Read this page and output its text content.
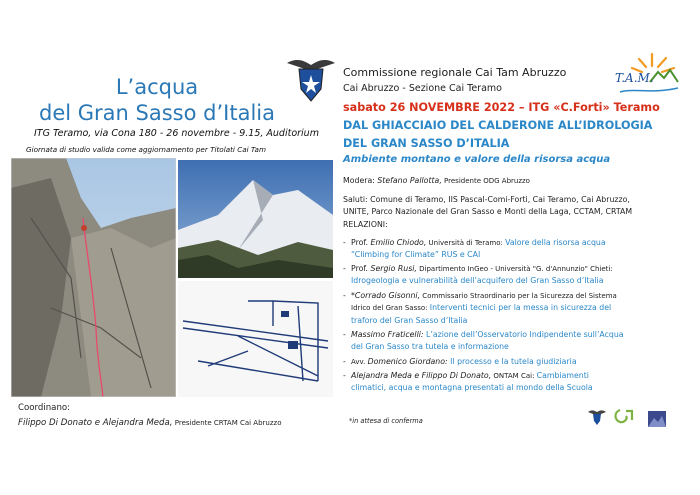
L’acqua
del Gran Sasso d’Italia
ITG Teramo, via Cona 180 - 26 novembre - 9.15, Auditorium
Giornata di studio valida come aggiornamento per Titolati Cai Tam
Coordinano:
Filippo Di Donato e Alejandra Meda, Presidente CRTAM Cai Abruzzo
Commissione regionale Cai Tam Abruzzo
Cai Abruzzo - Sezione Cai Teramo
T.A.M.
sabato 26 NOVEMBRE 2022 – ITG «C.Forti» Teramo
DAL GHIACCIAIO DEL CALDERONE ALL’IDROLOGIA
DEL GRAN SASSO D’ITALIA
Ambiente montano e valore della risorsa acqua
Modera: Stefano Pallotta, Presidente ODG Abruzzo
Saluti: Comune di Teramo, IIS Pascal-Comi-Forti, Cai Teramo, Cai Abruzzo,
UNITE, Parco Nazionale del Gran Sasso e Monti della Laga, CCTAM, CRTAM
RELAZIONI:
- Prof. Emilio Chiodo, Università di Teramo: Valore della risorsa acqua
“Climbing for Climate” RUS e CAI
- Prof. Sergio Rusi, Dipartimento InGeo - Università "G. d'Annunzio" Chieti:
Idrogeologia e vulnerabilità dell’acquifero del Gran Sasso d’Italia
- *Corrado Gisonni, Commissario Straordinario per la Sicurezza del Sistema
Idrico del Gran Sasso: Interventi tecnici per la messa in sicurezza del
traforo del Gran Sasso d’Italia
- Massimo Fraticelli: L’azione dell’Osservatorio Indipendente sull’Acqua
del Gran Sasso tra tutela e informazione
- Avv. Domenico Giordano: Il processo e la tutela giudiziaria
- Alejandra Meda e Filippo Di Donato, ONTAM Cai: Cambiamenti
climatici, acqua e montagna presentati al mondo della Scuola
*in attesa di conferma
